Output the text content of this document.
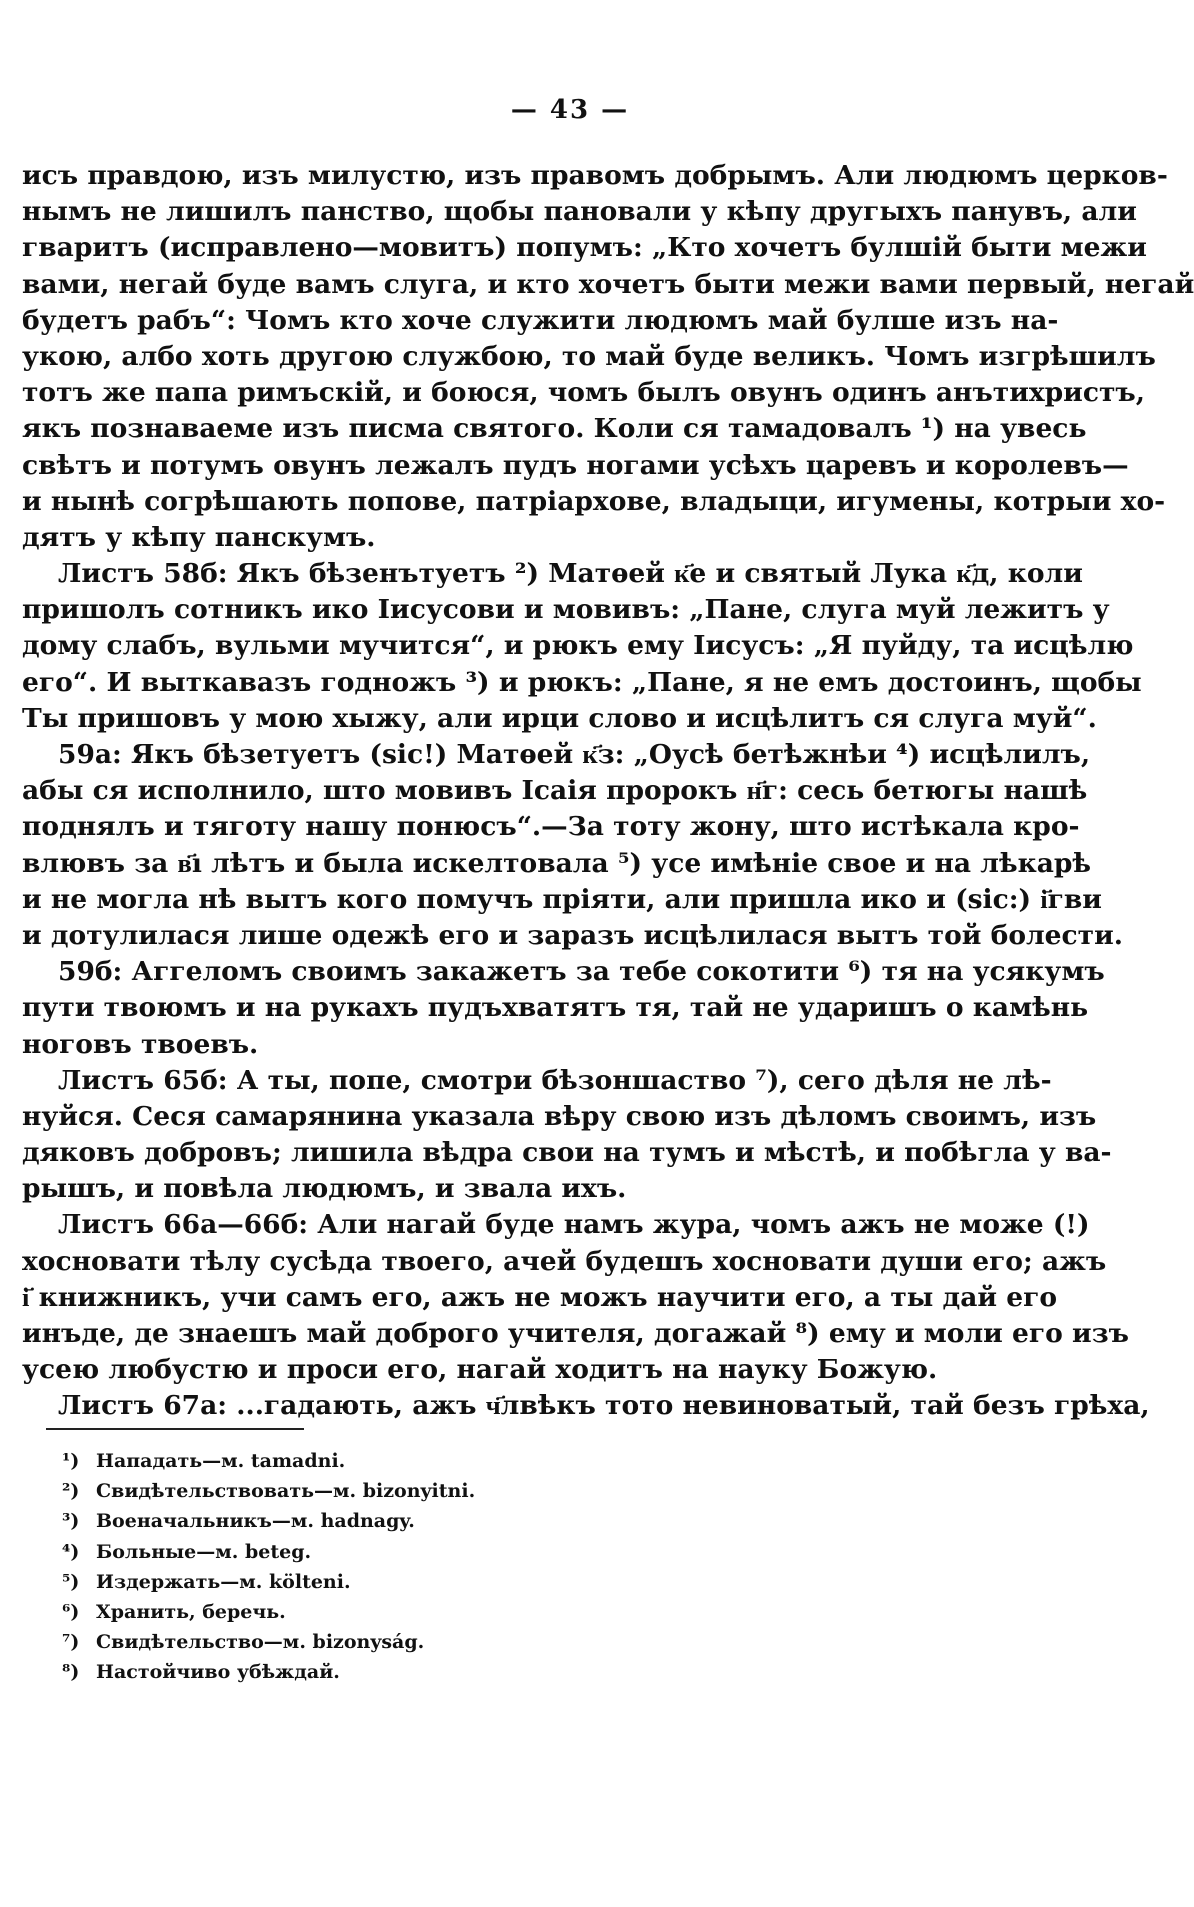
— 43 —
исъ правдою, изъ милустю, изъ правомъ добрымъ. Али людюмъ церков-
нымъ не лишилъ панство, щобы пановали у кѣпу другыхъ панувъ, али
гваритъ (исправлено—мовитъ) попумъ: „Кто хочетъ булшій быти межи
вами, негай буде вамъ слуга, и кто хочетъ быти межи вами первый, негай
будетъ рабъ“: Чомъ кто хоче служити людюмъ май булше изъ на-
укою, албо хоть другою службою, то май буде великъ. Чомъ изгрѣшилъ
тотъ же папа римъскій, и боюся, чомъ былъ овунъ одинъ анътихристъ,
якъ познаваеме изъ писма святого. Коли ся тамадовалъ ¹) на увесь
свѣтъ и потумъ овунъ лежалъ пудъ ногами усѣхъ царевъ и королевъ—
и нынѣ согрѣшають попове, патріархове, владыци, игумены, котрыи хо-
дятъ у кѣпу панскумъ.
Листъ 58б: Якъ бѣзенътуетъ ²) Матѳей к҃е и святый Лука к҃д, коли
пришолъ сотникъ ико Іисусови и мовивъ: „Пане, слуга муй лежитъ у
дому слабъ, вульми мучится“, и рюкъ ему Іисусъ: „Я пуйду, та исцѣлю
его“. И выткавазъ годножъ ³) и рюкъ: „Пане, я не емъ достоинъ, щобы
Ты пришовъ у мою хыжу, али ирци слово и исцѣлитъ ся слуга муй“.
59а: Якъ бѣзетуетъ (sic!) Матѳей к҃з: „Оусѣ бетѣжнѣи ⁴) исцѣлилъ,
абы ся исполнило, што мовивъ Ісаія пророкъ н҃г: сесь бетюгы нашѣ
поднялъ и тяготу нашу понюсъ“.—За тоту жону, што истѣкала кро-
влювъ за в҃ı лѣтъ и была искелтовала ⁵) усе имѣніе свое и на лѣкарѣ
и не могла нѣ вытъ кого помучъ пріяти, али пришла ико и (sic:) і҃гви
и дотулилася лише одежѣ его и заразъ исцѣлилася вытъ той болести.
59б: Аггеломъ своимъ закажетъ за тебе сокотити ⁶) тя на усякумъ
пути твоюмъ и на рукахъ пудъхватятъ тя, тай не ударишъ о камѣнь
ноговъ твоевъ.
Листъ 65б: А ты, попе, смотри бѣзоншаство ⁷), сего дѣля не лѣ-
нуйся. Сеся самарянина указала вѣру свою изъ дѣломъ своимъ, изъ
дяковъ добровъ; лишила вѣдра свои на тумъ и мѣстѣ, и побѣгла у ва-
рышъ, и повѣла людюмъ, и звала ихъ.
Листъ 66а—66б: Али нагай буде намъ жура, чомъ ажъ не може (!)
хосновати тѣлу сусѣда твоего, ачей будешъ хосновати души его; ажъ
і҃ книжникъ, учи самъ его, ажъ не можъ научити его, а ты дай его
инъде, де знаешъ май доброго учителя, догажай ⁸) ему и моли его изъ
усею любустю и проси его, нагай ходитъ на науку Божую.
Листъ 67а: ...гадають, ажъ ч҃лвѣкъ тото невиноватый, тай безъ грѣха,
¹) Нападать—м. tamadni.
²) Свидѣтельствовать—м. bizonyitni.
³) Военачальникъ—м. hadnagy.
⁴) Больные—м. beteg.
⁵) Издержать—м. költeni.
⁶) Хранить, беречь.
⁷) Свидѣтельство—м. bizonyság.
⁸) Настойчиво убѣждай.
